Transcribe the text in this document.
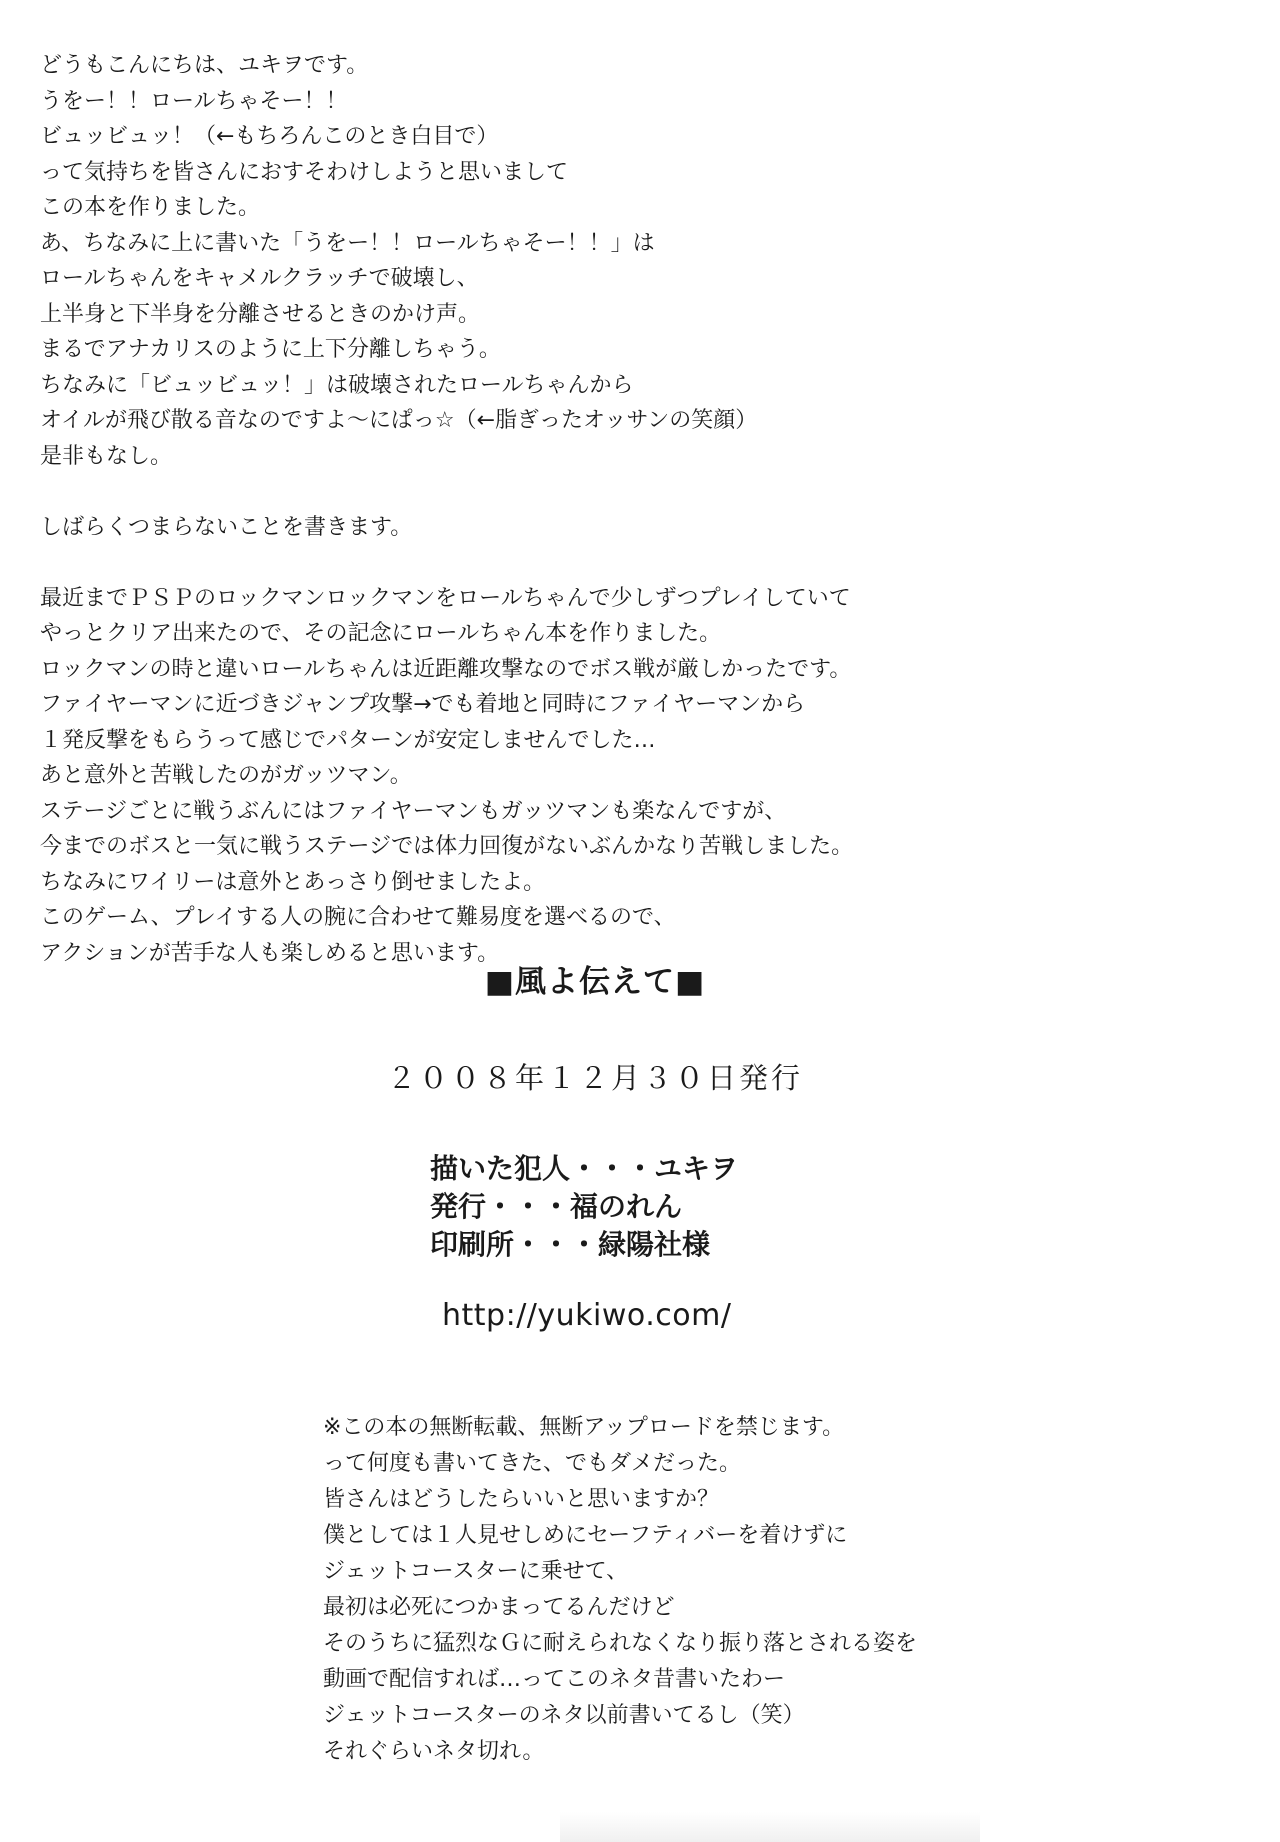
どうもこんにちは、ユキヲです。
うをー！！ロールちゃそー！！
ビュッビュッ！（←もちろんこのとき白目で）
って気持ちを皆さんにおすそわけしようと思いまして
この本を作りました。
あ、ちなみに上に書いた「うをー！！ロールちゃそー！！」は
ロールちゃんをキャメルクラッチで破壊し、
上半身と下半身を分離させるときのかけ声。
まるでアナカリスのように上下分離しちゃう。
ちなみに「ビュッビュッ！」は破壊されたロールちゃんから
オイルが飛び散る音なのですよ〜にぱっ☆（←脂ぎったオッサンの笑顔）
是非もなし。
しばらくつまらないことを書きます。
最近までＰＳＰのロックマンロックマンをロールちゃんで少しずつプレイしていて
やっとクリア出来たので、その記念にロールちゃん本を作りました。
ロックマンの時と違いロールちゃんは近距離攻撃なのでボス戦が厳しかったです。
ファイヤーマンに近づきジャンプ攻撃→でも着地と同時にファイヤーマンから
１発反撃をもらうって感じでパターンが安定しませんでした…
あと意外と苦戦したのがガッツマン。
ステージごとに戦うぶんにはファイヤーマンもガッツマンも楽なんですが、
今までのボスと一気に戦うステージでは体力回復がないぶんかなり苦戦しました。
ちなみにワイリーは意外とあっさり倒せましたよ。
このゲーム、プレイする人の腕に合わせて難易度を選べるので、
アクションが苦手な人も楽しめると思います。
■風よ伝えて■
２００８年１２月３０日発行
描いた犯人・・・ユキヲ
発行・・・福のれん
印刷所・・・緑陽社様
http://yukiwo.com/
※この本の無断転載、無断アップロードを禁じます。
って何度も書いてきた、でもダメだった。
皆さんはどうしたらいいと思いますか？
僕としては１人見せしめにセーフティバーを着けずに
ジェットコースターに乗せて、
最初は必死につかまってるんだけど
そのうちに猛烈なＧに耐えられなくなり振り落とされる姿を
動画で配信すれば…ってこのネタ昔書いたわー
ジェットコースターのネタ以前書いてるし（笑）
それぐらいネタ切れ。
